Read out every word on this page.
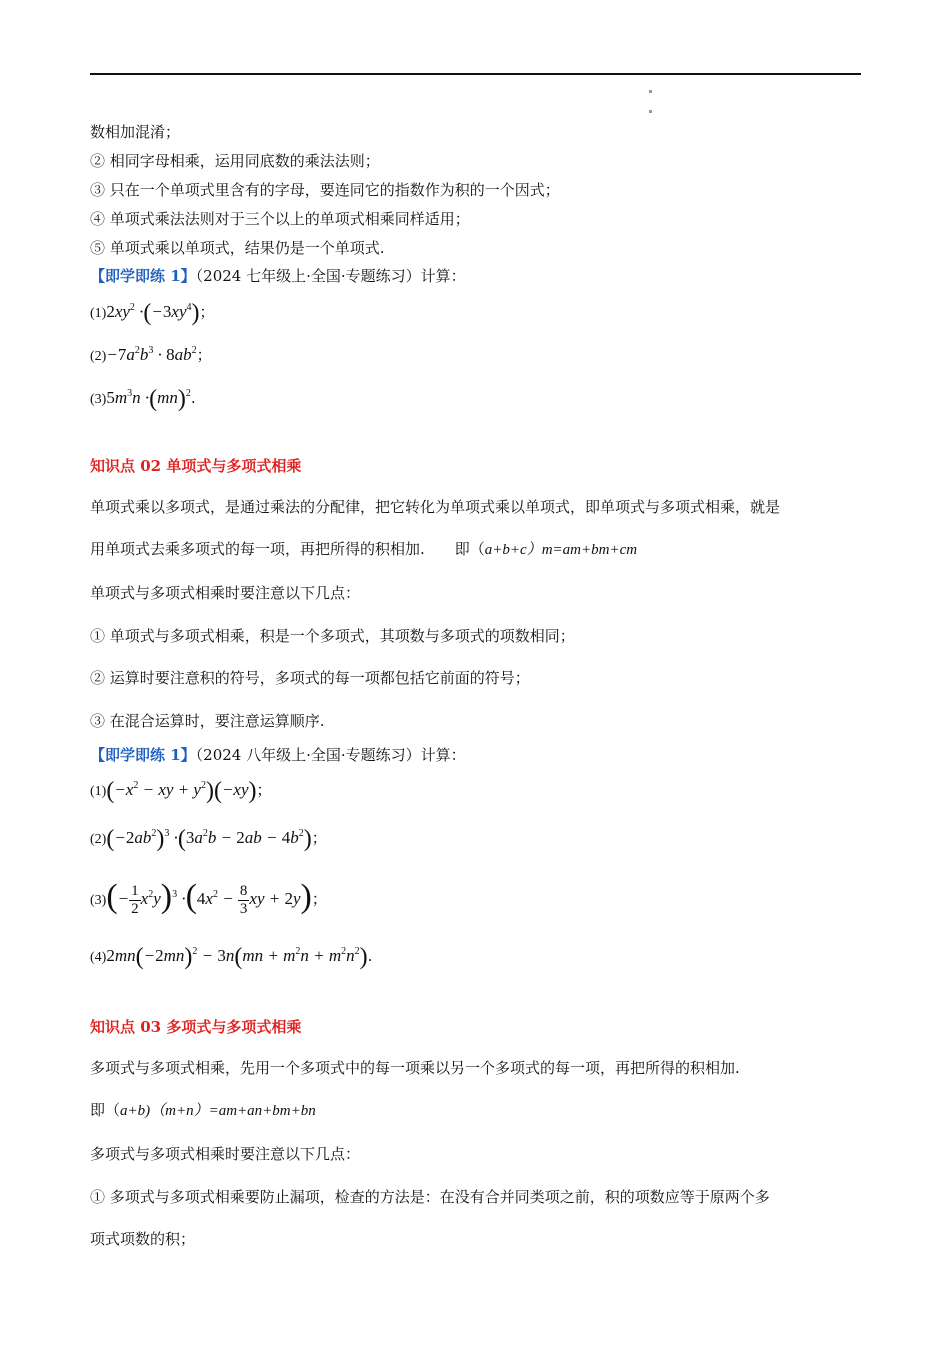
数相加混淆；
② 相同字母相乘，运用同底数的乘法法则；
③ 只在一个单项式里含有的字母，要连同它的指数作为积的一个因式；
④ 单项式乘法法则对于三个以上的单项式相乘同样适用；
⑤ 单项式乘以单项式，结果仍是一个单项式.
【即学即练 1】（2024 七年级上·全国·专题练习）计算：
$(1)2xy^2 \cdot(-3xy^4)$；
$(2)-7a^2b^3 \cdot 8ab^2$；
$(3)5m^3n \cdot(mn)^2$.
知识点 02 单项式与多项式相乘
单项式乘以多项式，是通过乘法的分配律，把它转化为单项式乘以单项式，即单项式与多项式相乘，就是
用单项式去乘多项式的每一项，再把所得的积相加. 即（a+b+c）m=am+bm+cm
单项式与多项式相乘时要注意以下几点：
① 单项式与多项式相乘，积是一个多项式，其项数与多项式的项数相同；
② 运算时要注意积的符号，多项式的每一项都包括它前面的符号；
③ 在混合运算时，要注意运算顺序.
【即学即练 1】（2024 八年级上·全国·专题练习）计算：
$(1)(-x^2$ − xy + $y^2)(-xy)$；
$(2)(-2ab^2)^3 \cdot(3a^2b - 2ab - 4b^2)$；
$(3)(- \frac{1}{2} x^2y)^3 \cdot(4x^2 - \frac{8}{3}$ xy + 2y)；
$(4)2mn(-2mn)^2 - 3n(mn + m^2n + m^2n^2)$.
知识点 03 多项式与多项式相乘
多项式与多项式相乘，先用一个多项式中的每一项乘以另一个多项式的每一项，再把所得的积相加.
即（a+b)（m+n）=am+an+bm+bn
多项式与多项式相乘时要注意以下几点：
① 多项式与多项式相乘要防止漏项，检查的方法是：在没有合并同类项之前，积的项数应等于原两个多
项式项数的积；
